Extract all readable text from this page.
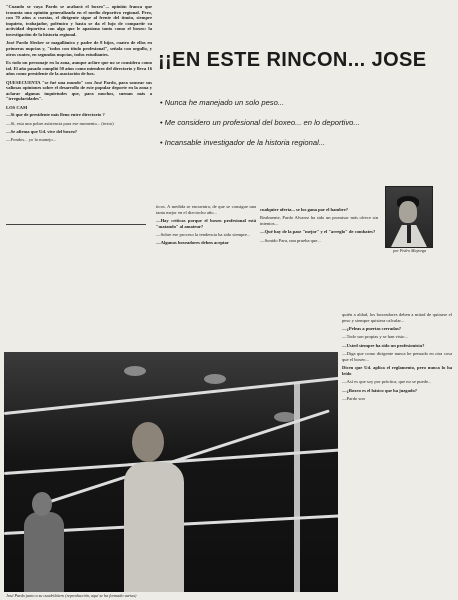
"Cuando se vaya Pardo se acabará el boxeo"... opinión franca que trasunta una opinión generalizada en el medio deportivo regional. Pero, con 70 años a cuestas, el dirigente sigue al frente del timón, siempre inquieto, trabajador, polémico y hasta se da el lujo de compartir su actividad deportiva con algo que le apasiona tanto como el boxeo: la investigación de la historia regional.

José Pardo Slesker se magallánico y padre de 8 hijos, cuatro de ellos en primeras nupcias y, "todos con título profesional", señala con orgullo, y otros cuatro, en segundas nupcias, todos estudiantes.

Es todo un personaje en la zona, aunque acláre que no se considera como tal. El año pasado cumplió 50 años como miembro del directorio y lleva 16 años como presidente de la asociación de box.

QUESECUENTA "se fué una mundo" con José Pardo, para sonsear sus valiosas opiniones sobre el desarrollo de este popular deporte en la zona y aclarar algunas inquietudes que, para muchos, suenan más a "irregularidades".

LOS CAM

—Si que de presidente más lleno entre directorio ?

—Sí, esta una pobre asistencia para ese momento... (texto)

—Se afirma que Ud. vive del boxeo?

—Fondos... yo lo manejo...

¡¡EN ESTE RINCON... JOSE
• Nunca he manejado un solo peso...
• Me considero un profesional del boxeo... en lo deportivo...
• Incansable investigador de la historia regional...

ticos. A medida se encuentra, de que se consigue una tanta mejor en el dieciocho año...

—Hay críticas porque el boxeo profesional está "matando" al amateur?

—Sobre ese proceso la tendencia ha sido siempre...

—Algunos boxeadores deben aceptar

cualquier oferta... se los gana por el hambre?

Realmente, Pardo Alvarez ha sido un promisor más ofrece sin intentos...

—Qué hay de la pase "mejor" y el "arreglo" de combates?

—Sonido Para, una prueba que...

por Pedro Mayorga

quién a aldad, los boxeadores deben a mitad de quitarse el peso y siempre quisiera calcular...

—¿Peleas a puertas cerradas?

—Todo son propias y se han visto...

—Usted siempre ha sido un profesionista?

—Diga que como dirigente nunca he pensado en otra cosa que el boxeo...

Dicen que Ud. aplica el reglamento, pero nunca lo ha leído

—Así es que soy por práctica, que no se puede...

—¿Boxeo es el básico que ha juzgado?

—Pardo son

José Pardo junto a su cuadrilátero (reproducción, aquí se ha formado varias)
